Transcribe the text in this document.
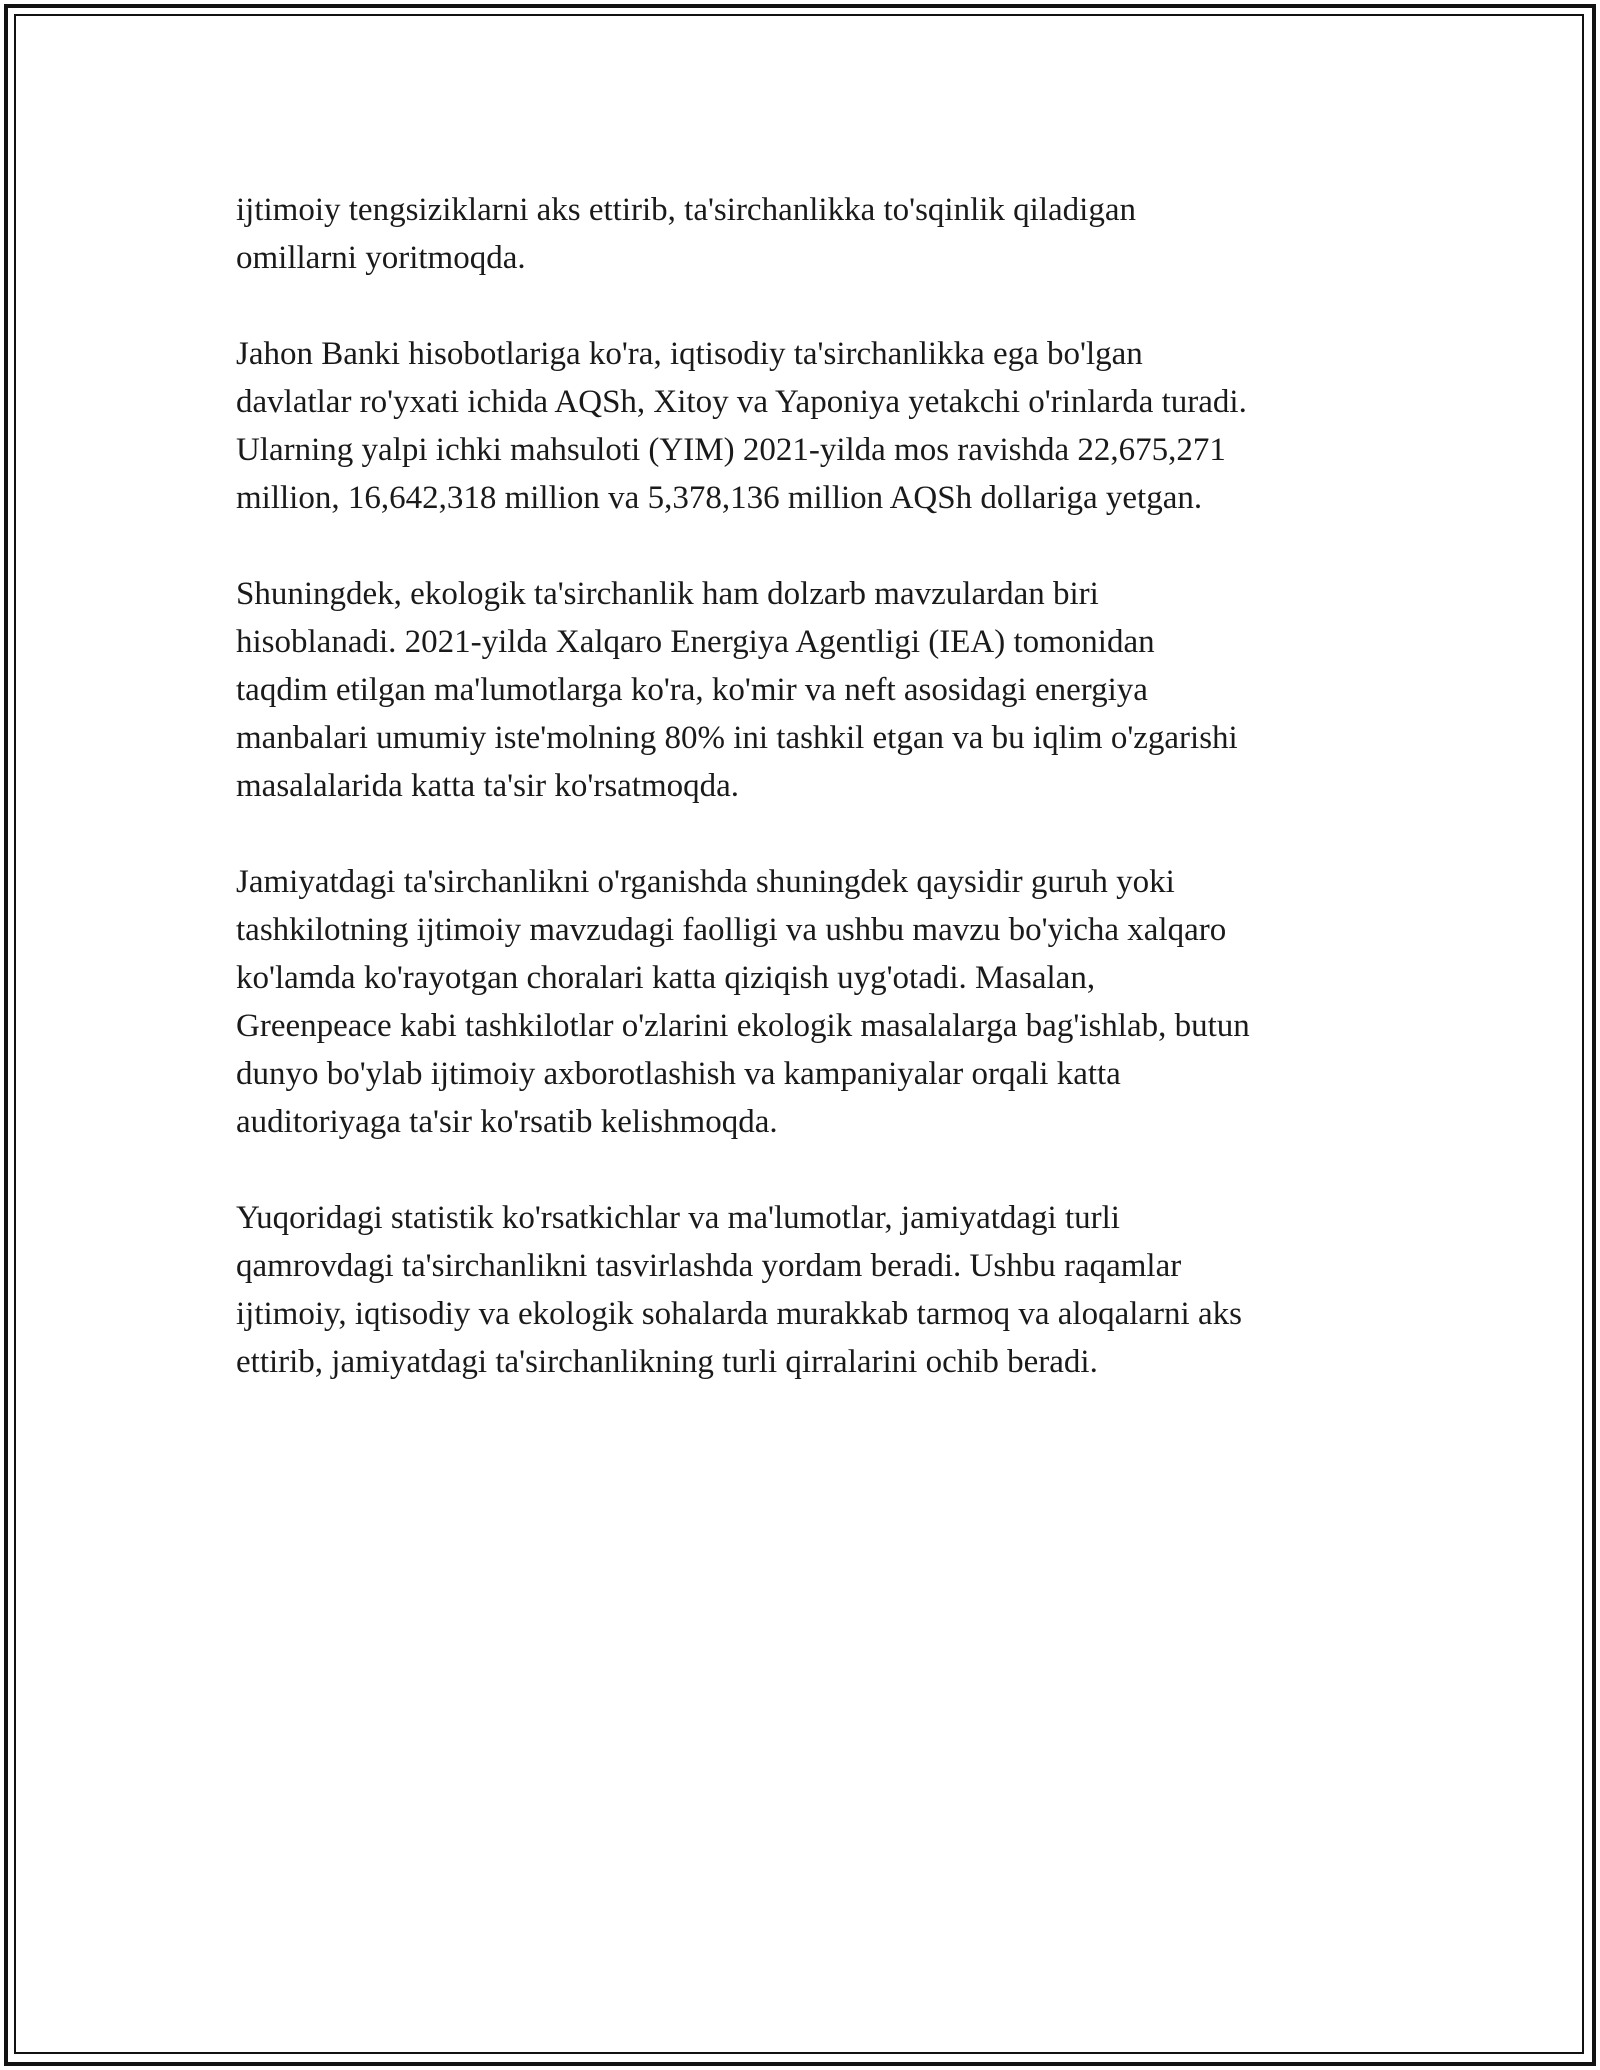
ijtimoiy tengsiziklarni aks ettirib, ta'sirchanlikka to'sqinlik qiladigan
omillarni yoritmoqda.

Jahon Banki hisobotlariga ko'ra, iqtisodiy ta'sirchanlikka ega bo'lgan
davlatlar ro'yxati ichida AQSh, Xitoy va Yaponiya yetakchi o'rinlarda turadi.
Ularning yalpi ichki mahsuloti (YIM) 2021-yilda mos ravishda 22,675,271
million, 16,642,318 million va 5,378,136 million AQSh dollariga yetgan.

Shuningdek, ekologik ta'sirchanlik ham dolzarb mavzulardan biri
hisoblanadi. 2021-yilda Xalqaro Energiya Agentligi (IEA) tomonidan
taqdim etilgan ma'lumotlarga ko'ra, ko'mir va neft asosidagi energiya
manbalari umumiy iste'molning 80% ini tashkil etgan va bu iqlim o'zgarishi
masalalarida katta ta'sir ko'rsatmoqda.

Jamiyatdagi ta'sirchanlikni o'rganishda shuningdek qaysidir guruh yoki
tashkilotning ijtimoiy mavzudagi faolligi va ushbu mavzu bo'yicha xalqaro
ko'lamda ko'rayotgan choralari katta qiziqish uyg'otadi. Masalan,
Greenpeace kabi tashkilotlar o'zlarini ekologik masalalarga bag'ishlab, butun
dunyo bo'ylab ijtimoiy axborotlashish va kampaniyalar orqali katta
auditoriyaga ta'sir ko'rsatib kelishmoqda.

Yuqoridagi statistik ko'rsatkichlar va ma'lumotlar, jamiyatdagi turli
qamrovdagi ta'sirchanlikni tasvirlashda yordam beradi. Ushbu raqamlar
ijtimoiy, iqtisodiy va ekologik sohalarda murakkab tarmoq va aloqalarni aks
ettirib, jamiyatdagi ta'sirchanlikning turli qirralarini ochib beradi.
